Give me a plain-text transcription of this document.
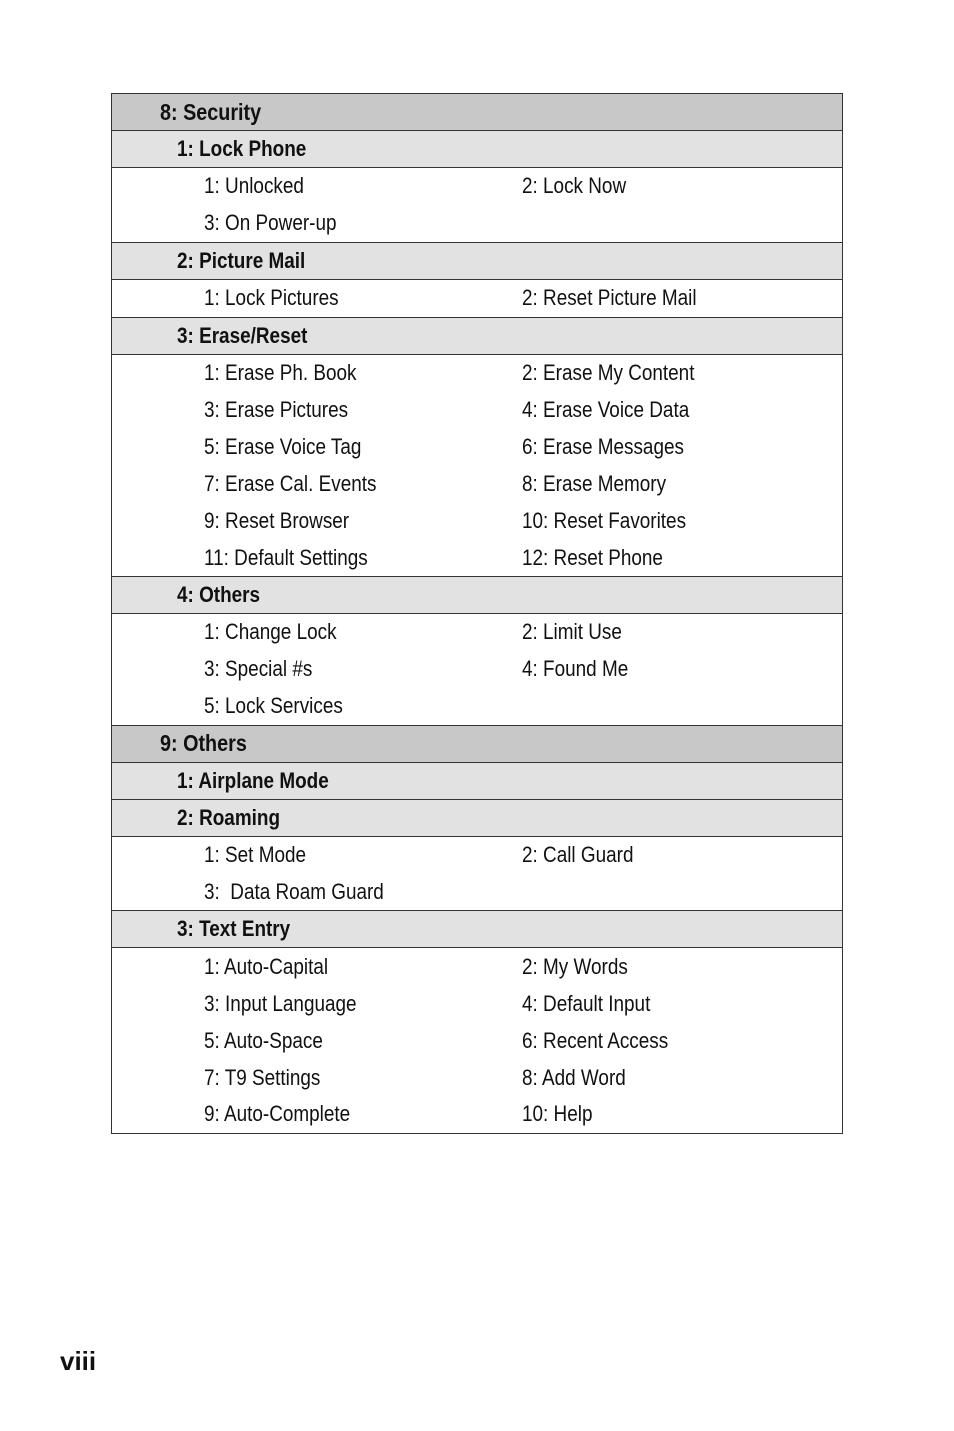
8: Security
1: Lock Phone
1: Unlocked	2: Lock Now
3: On Power-up
2: Picture Mail
1: Lock Pictures	2: Reset Picture Mail
3: Erase/Reset
1: Erase Ph. Book	2: Erase My Content
3: Erase Pictures	4: Erase Voice Data
5: Erase Voice Tag	6: Erase Messages
7: Erase Cal. Events	8: Erase Memory
9: Reset Browser	10: Reset Favorites
11: Default Settings	12: Reset Phone
4: Others
1: Change Lock	2: Limit Use
3: Special #s	4: Found Me
5: Lock Services
9: Others
1: Airplane Mode
2: Roaming
1: Set Mode	2: Call Guard
3:  Data Roam Guard
3: Text Entry
1: Auto-Capital	2: My Words
3: Input Language	4: Default Input
5: Auto-Space	6: Recent Access
7: T9 Settings	8: Add Word
9: Auto-Complete	10: Help
viii
